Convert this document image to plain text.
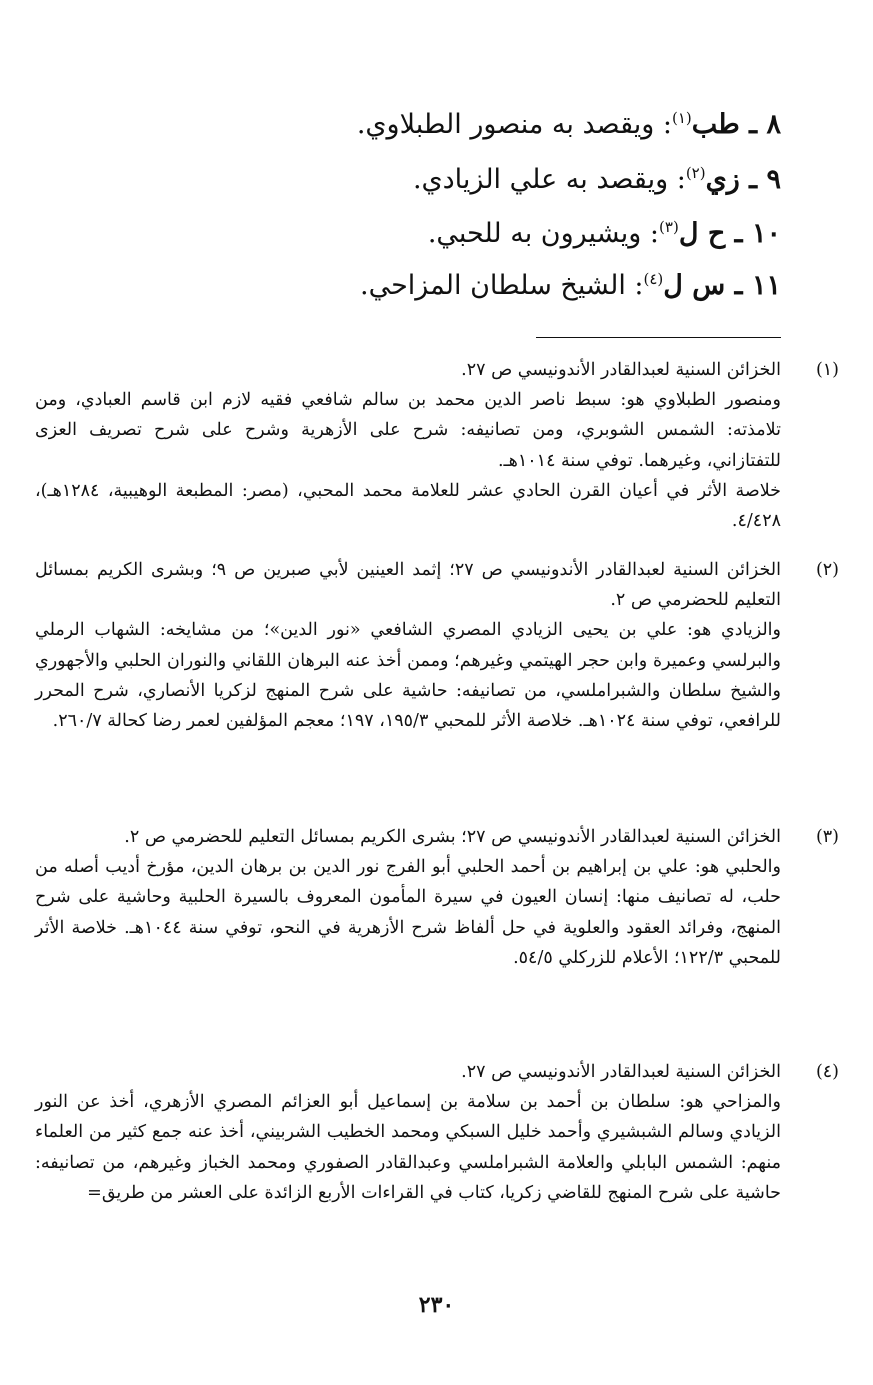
٨ ـ طب$^{(١)}$: ويقصد به منصور الطبلاوي.
٩ ـ زي$^{(٢)}$: ويقصد به علي الزيادي.
١٠ ـ ح ل$^{(٣)}$: ويشيرون به للحبي.
١١ ـ س ل$^{(٤)}$: الشيخ سلطان المزاحي.
(١)

الخزائن السنية لعبدالقادر الأندونيسي ص ٢٧.

ومنصور الطبلاوي هو: سبط ناصر الدين محمد بن سالم شافعي فقيه لازم ابن قاسم العبادي، ومن تلامذته: الشمس الشوبري، ومن تصانيفه: شرح على الأزهرية وشرح على شرح تصريف العزى للتفتازاني، وغيرهما. توفي سنة ١٠١٤هـ.

خلاصة الأثر في أعيان القرن الحادي عشر للعلامة محمد المحبي، (مصر: المطبعة الوهيبية، ١٢٨٤هـ)، ٤/٤٢٨.

(٢)

الخزائن السنية لعبدالقادر الأندونيسي ص ٢٧؛ إثمد العينين لأبي صبرين ص ٩؛ وبشرى الكريم بمسائل التعليم للحضرمي ص ٢.

والزيادي هو: علي بن يحيى الزيادي المصري الشافعي «نور الدين»؛ من مشايخه: الشهاب الرملي والبرلسي وعميرة وابن حجر الهيتمي وغيرهم؛ وممن أخذ عنه البرهان اللقاني والنوران الحلبي والأجهوري والشيخ سلطان والشبراملسي، من تصانيفه: حاشية على شرح المنهج لزكريا الأنصاري، شرح المحرر للرافعي، توفي سنة ١٠٢٤هـ. خلاصة الأثر للمحبي ١٩٥/٣، ١٩٧؛ معجم المؤلفين لعمر رضا كحالة ٢٦٠/٧.

(٣)

الخزائن السنية لعبدالقادر الأندونيسي ص ٢٧؛ بشرى الكريم بمسائل التعليم للحضرمي ص ٢.

والحلبي هو: علي بن إبراهيم بن أحمد الحلبي أبو الفرج نور الدين بن برهان الدين، مؤرخ أديب أصله من حلب، له تصانيف منها: إنسان العيون في سيرة المأمون المعروف بالسيرة الحلبية وحاشية على شرح المنهج، وفرائد العقود والعلوية في حل ألفاظ شرح الأزهرية في النحو، توفي سنة ١٠٤٤هـ. خلاصة الأثر للمحبي ١٢٢/٣؛ الأعلام للزركلي ٥٤/٥.

(٤)

الخزائن السنية لعبدالقادر الأندونيسي ص ٢٧.

والمزاحي هو: سلطان بن أحمد بن سلامة بن إسماعيل أبو العزائم المصري الأزهري، أخذ عن النور الزيادي وسالم الشبشيري وأحمد خليل السبكي ومحمد الخطيب الشربيني، أخذ عنه جمع كثير من العلماء منهم: الشمس البابلي والعلامة الشبراملسي وعبدالقادر الصفوري ومحمد الخباز وغيرهم، من تصانيفه: حاشية على شرح المنهج للقاضي زكريا، كتاب في القراءات الأربع الزائدة على العشر من طريق=

٢٣٠
